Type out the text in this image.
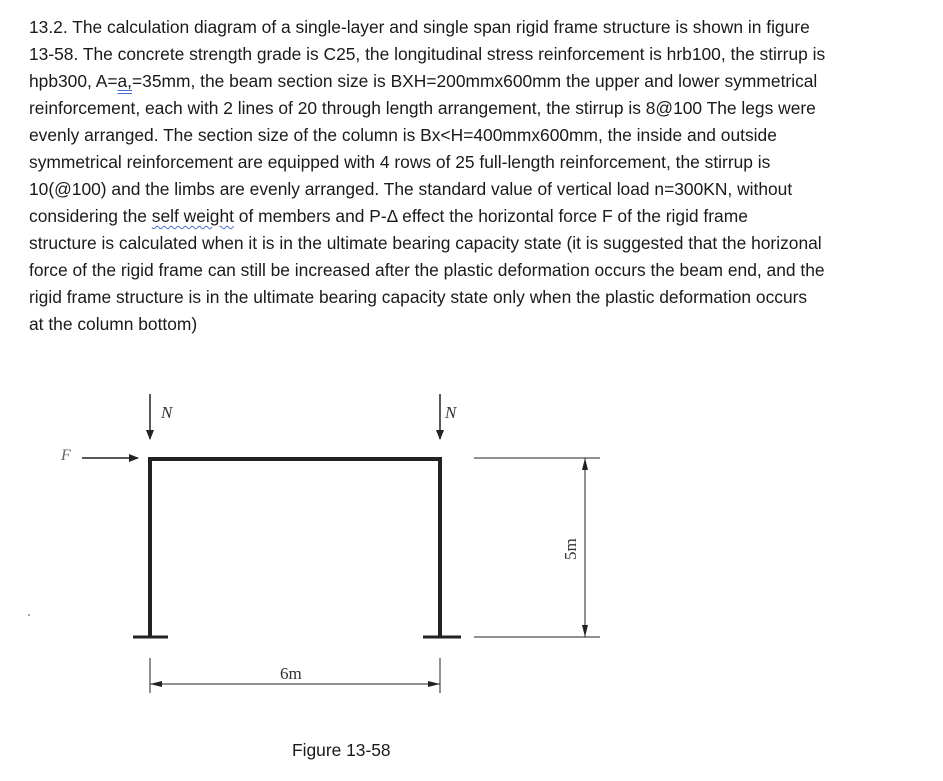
13.2. The calculation diagram of a single-layer and single span rigid frame structure is shown in figure
13-58. The concrete strength grade is C25, the longitudinal stress reinforcement is hrb100, the stirrup is
hpb300, A=a,=35mm, the beam section size is BXH=200mmx600mm the upper and lower symmetrical
reinforcement, each with 2 lines of 20 through length arrangement, the stirrup is 8@100 The legs were
evenly arranged. The section size of the column is Bx<H=400mmx600mm, the inside and outside
symmetrical reinforcement are equipped with 4 rows of 25 full-length reinforcement, the stirrup is
10(@100) and the limbs are evenly arranged. The standard value of vertical load n=300KN, without
considering the self weight of members and P-Δ effect the horizontal force F of the rigid frame
structure is calculated when it is in the ultimate bearing capacity state (it is suggested that the horizonal
force of the rigid frame can still be increased after the plastic deformation occurs the beam end, and the
rigid frame structure is in the ultimate bearing capacity state only when the plastic deformation occurs
at the column bottom)
N	N
F
6m
5m
Figure 13-58
